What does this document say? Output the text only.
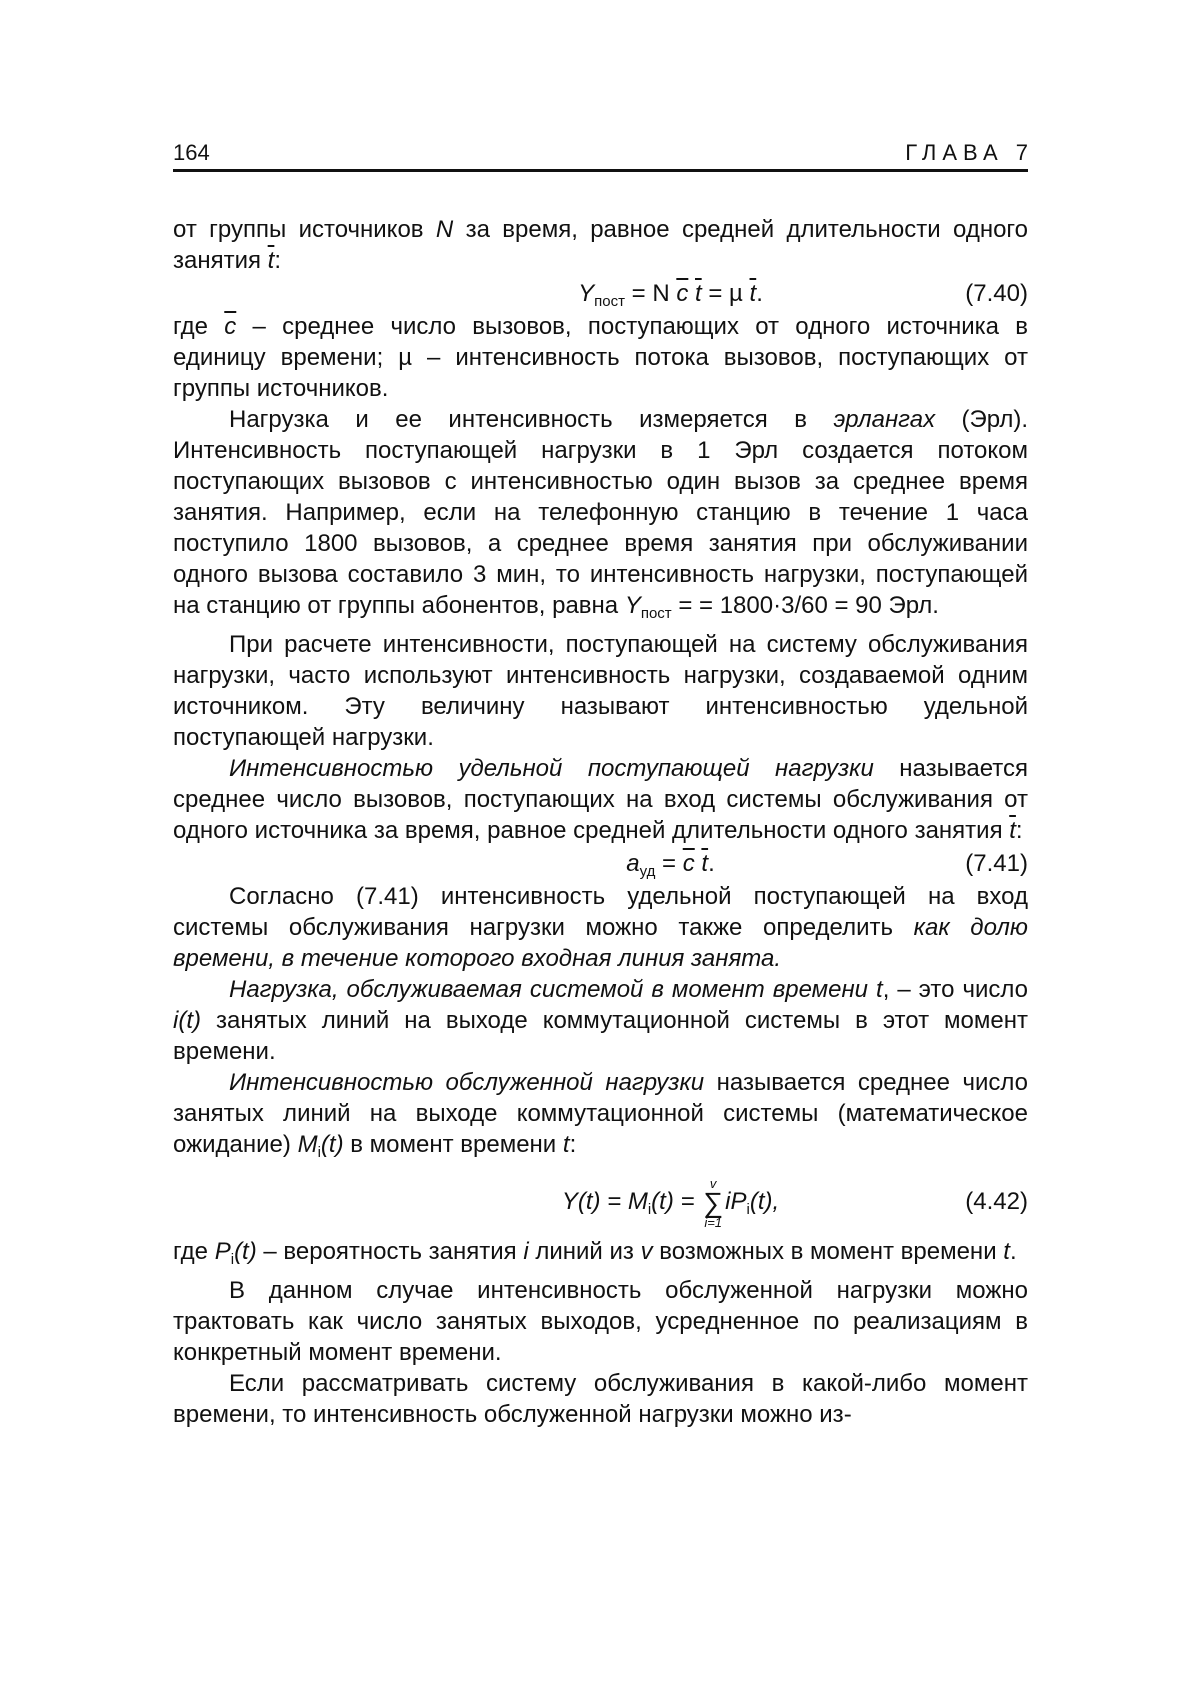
164	ГЛАВА 7

от группы источников N за время, равное средней длительности одного занятия $\overline{t}$:

$Y_{пост} = N$ $\overline{c}$ $\overline{t} = \mu$ $\overline{t}$.	(7.40)

где $\overline{c}$ – среднее число вызовов, поступающих от одного источника в единицу времени; µ – интенсивность потока вызовов, поступающих от группы источников.

Нагрузка и ее интенсивность измеряется в эрлангах (Эрл). Интенсивность поступающей нагрузки в 1 Эрл создается потоком поступающих вызовов с интенсивностью один вызов за среднее время занятия. Например, если на телефонную станцию в течение 1 часа поступило 1800 вызовов, а среднее время занятия при обслуживании одного вызова составило 3 мин, то интенсивность нагрузки, поступающей на станцию от группы абонентов, равна $Y_{пост}$ = = 1800·3/60 = 90 Эрл.

При расчете интенсивности, поступающей на систему обслуживания нагрузки, часто используют интенсивность нагрузки, создаваемой одним источником. Эту величину называют интенсивностью удельной поступающей нагрузки.

Интенсивностью удельной поступающей нагрузки называется среднее число вызовов, поступающих на вход системы обслуживания от одного источника за время, равное средней длительности одного занятия $\overline{t}$:

$a_{уд} = \overline{c}$ $\overline{t}$.	(7.41)

Согласно (7.41) интенсивность удельной поступающей на вход системы обслуживания нагрузки можно также определить как долю времени, в течение которого входная линия занята.

Нагрузка, обслуживаемая системой в момент времени t, – это число i(t) занятых линий на выходе коммутационной системы в этот момент времени.

Интенсивностью обслуженной нагрузки называется среднее число занятых линий на выходе коммутационной системы (математическое ожидание) $M_i(t)$ в момент времени t:

$Y(t) = M_i(t)$ =
v
∑
i=1
$iP_i(t)$,	(4.42)

где $P_i(t)$ – вероятность занятия i линий из v возможных в момент времени t.

В данном случае интенсивность обслуженной нагрузки можно трактовать как число занятых выходов, усредненное по реализациям в конкретный момент времени.

Если рассматривать систему обслуживания в какой-либо момент времени, то интенсивность обслуженной нагрузки можно из-
